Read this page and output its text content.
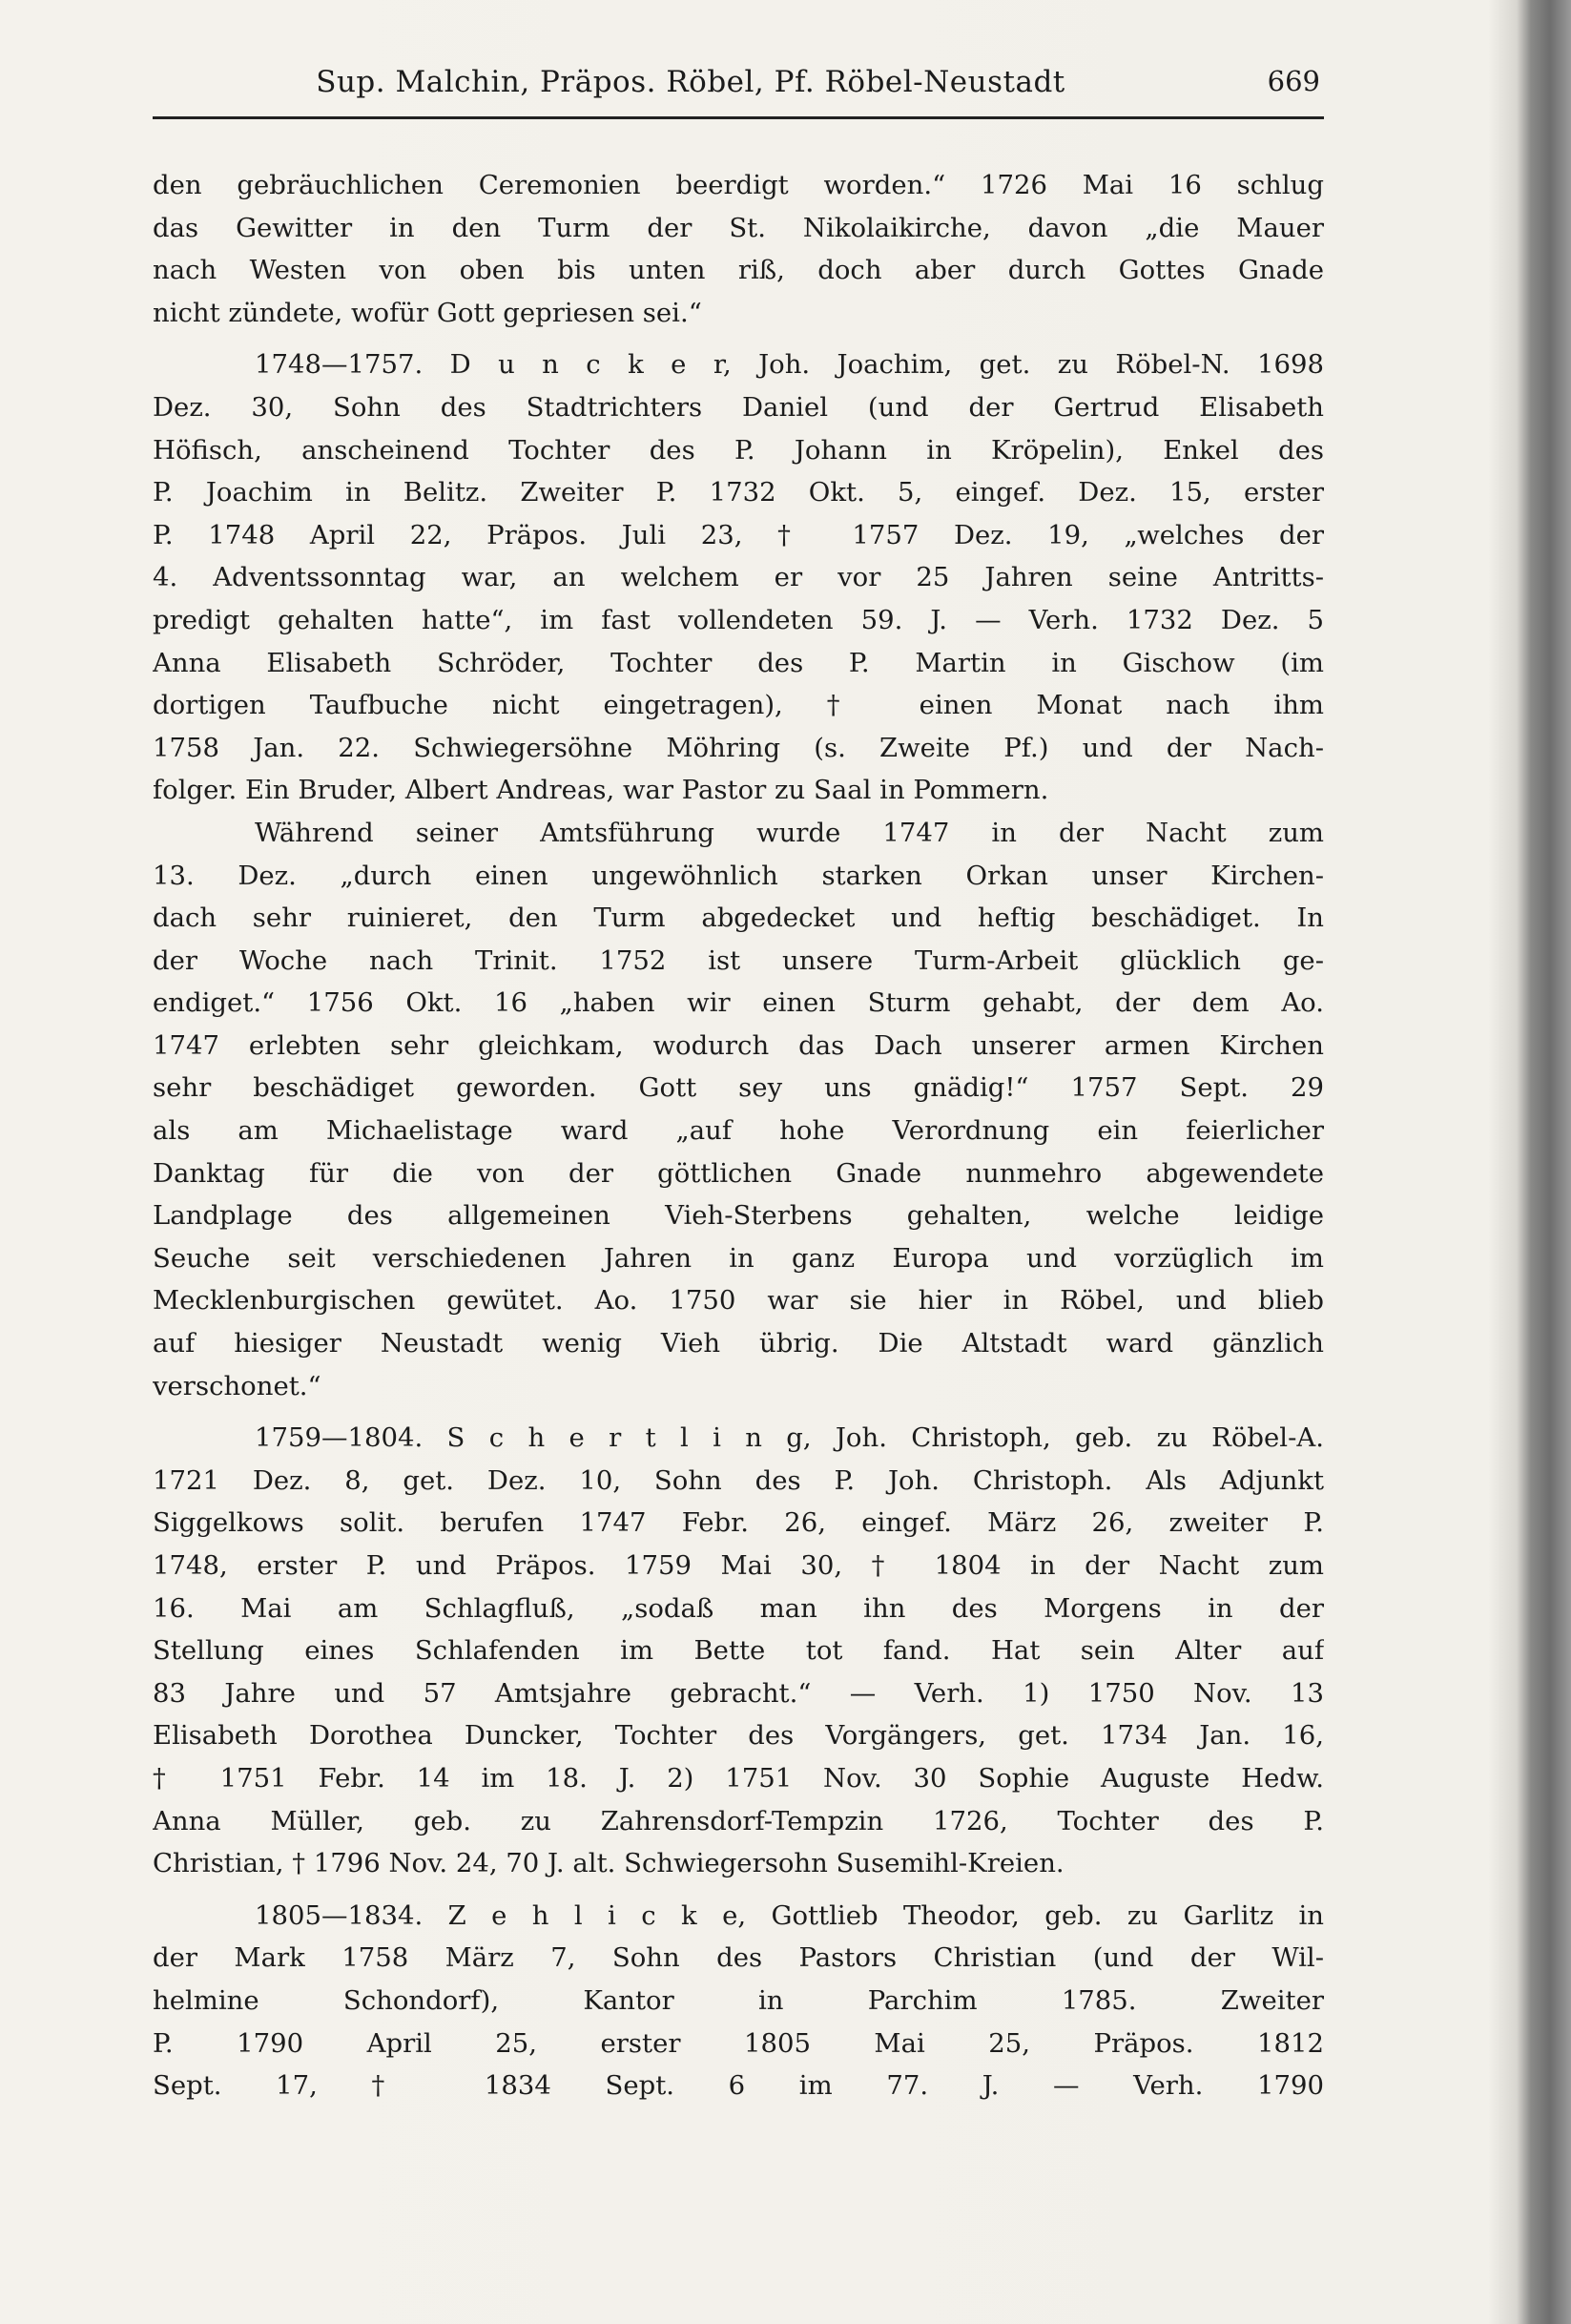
Sup. Malchin, Präpos. Röbel, Pf. Röbel-Neustadt	669
den gebräuchlichen Ceremonien beerdigt worden.“ 1726 Mai 16 schlug
das Gewitter in den Turm der St. Nikolaikirche, davon „die Mauer
nach Westen von oben bis unten riß, doch aber durch Gottes Gnade
nicht zündete, wofür Gott gepriesen sei.“
1748—1757. D u n c k e r, Joh. Joachim, get. zu Röbel-N. 1698
Dez. 30, Sohn des Stadtrichters Daniel (und der Gertrud Elisabeth
Höfisch, anscheinend Tochter des P. Johann in Kröpelin), Enkel des
P. Joachim in Belitz. Zweiter P. 1732 Okt. 5, eingef. Dez. 15, erster
P. 1748 April 22, Präpos. Juli 23, † 1757 Dez. 19, „welches der
4. Adventssonntag war, an welchem er vor 25 Jahren seine Antritts-
predigt gehalten hatte“, im fast vollendeten 59. J. — Verh. 1732 Dez. 5
Anna Elisabeth Schröder, Tochter des P. Martin in Gischow (im
dortigen Taufbuche nicht eingetragen), † einen Monat nach ihm
1758 Jan. 22. Schwiegersöhne Möhring (s. Zweite Pf.) und der Nach-
folger. Ein Bruder, Albert Andreas, war Pastor zu Saal in Pommern.
Während seiner Amtsführung wurde 1747 in der Nacht zum
13. Dez. „durch einen ungewöhnlich starken Orkan unser Kirchen-
dach sehr ruinieret, den Turm abgedecket und heftig beschädiget. In
der Woche nach Trinit. 1752 ist unsere Turm-Arbeit glücklich ge-
endiget.“ 1756 Okt. 16 „haben wir einen Sturm gehabt, der dem Ao.
1747 erlebten sehr gleichkam, wodurch das Dach unserer armen Kirchen
sehr beschädiget geworden. Gott sey uns gnädig!“ 1757 Sept. 29
als am Michaelistage ward „auf hohe Verordnung ein feierlicher
Danktag für die von der göttlichen Gnade nunmehro abgewendete
Landplage des allgemeinen Vieh-Sterbens gehalten, welche leidige
Seuche seit verschiedenen Jahren in ganz Europa und vorzüglich im
Mecklenburgischen gewütet. Ao. 1750 war sie hier in Röbel, und blieb
auf hiesiger Neustadt wenig Vieh übrig. Die Altstadt ward gänzlich
verschonet.“
1759—1804. S c h e r t l i n g, Joh. Christoph, geb. zu Röbel-A.
1721 Dez. 8, get. Dez. 10, Sohn des P. Joh. Christoph. Als Adjunkt
Siggelkows solit. berufen 1747 Febr. 26, eingef. März 26, zweiter P.
1748, erster P. und Präpos. 1759 Mai 30, † 1804 in der Nacht zum
16. Mai am Schlagfluß, „sodaß man ihn des Morgens in der
Stellung eines Schlafenden im Bette tot fand. Hat sein Alter auf
83 Jahre und 57 Amtsjahre gebracht.“ — Verh. 1) 1750 Nov. 13
Elisabeth Dorothea Duncker, Tochter des Vorgängers, get. 1734 Jan. 16,
† 1751 Febr. 14 im 18. J. 2) 1751 Nov. 30 Sophie Auguste Hedw.
Anna Müller, geb. zu Zahrensdorf-Tempzin 1726, Tochter des P.
Christian, † 1796 Nov. 24, 70 J. alt. Schwiegersohn Susemihl-Kreien.
1805—1834. Z e h l i c k e, Gottlieb Theodor, geb. zu Garlitz in
der Mark 1758 März 7, Sohn des Pastors Christian (und der Wil-
helmine Schondorf), Kantor in Parchim 1785. Zweiter
P. 1790 April 25, erster 1805 Mai 25, Präpos. 1812
Sept. 17, † 1834 Sept. 6 im 77. J. — Verh. 1790
